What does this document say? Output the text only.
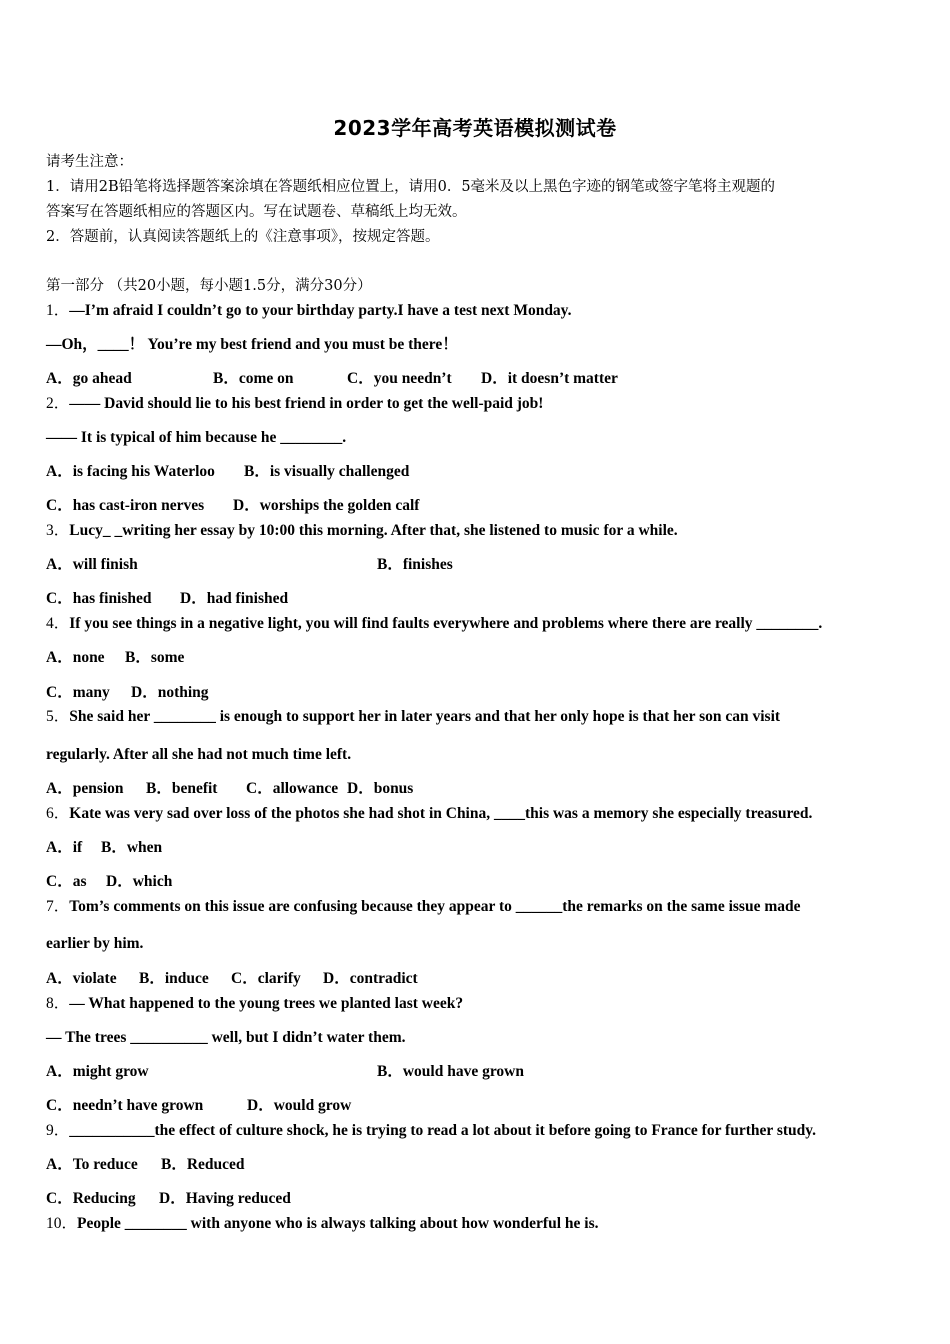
2023学年高考英语模拟测试卷
请考生注意：
1．请用2B铅笔将选择题答案涂填在答题纸相应位置上，请用0．5毫米及以上黑色字迹的钢笔或签字笔将主观题的
答案写在答题纸相应的答题区内。写在试题卷、草稿纸上均无效。
2．答题前，认真阅读答题纸上的《注意事项》，按规定答题。
第一部分 （共20小题，每小题1.5分，满分30分）
1．—I’m afraid I couldn’t go to your birthday party.I have a test next Monday.
—Oh，____！ You’re my best friend and you must be there！
A．go ahead	B．come on	C．you needn’t D．it doesn’t matter
2．—— David should lie to his best friend in order to get the well-paid job!
—— It is typical of him because he ________.
A．is facing his Waterloo B．is visually challenged
C．has cast-iron nerves D．worships the golden calf
3．Lucy_ _writing her essay by 10:00 this morning. After that, she listened to music for a while.
A．will finish	B．finishes
C．has finished D．had finished
4．If you see things in a negative light, you will find faults everywhere and problems where there are really ________.
A．none B．some
C．many D．nothing
5．She said her ________ is enough to support her in later years and that her only hope is that her son can visit
regularly. After all she had not much time left.
A．pension B．benefit C．allowance D．bonus
6．Kate was very sad over loss of the photos she had shot in China, ____this was a memory she especially treasured.
A．if B．when
C．as D．which
7．Tom’s comments on this issue are confusing because they appear to ______the remarks on the same issue made
earlier by him.
A．violate B．induce C．clarify D．contradict
8．— What happened to the young trees we planted last week?
— The trees __________ well, but I didn’t water them.
A．might grow	B．would have grown
C．needn’t have grown	D．would grow
9．___________the effect of culture shock, he is trying to read a lot about it before going to France for further study.
A．To reduce B．Reduced
C．Reducing D．Having reduced
10．People ________ with anyone who is always talking about how wonderful he is.
